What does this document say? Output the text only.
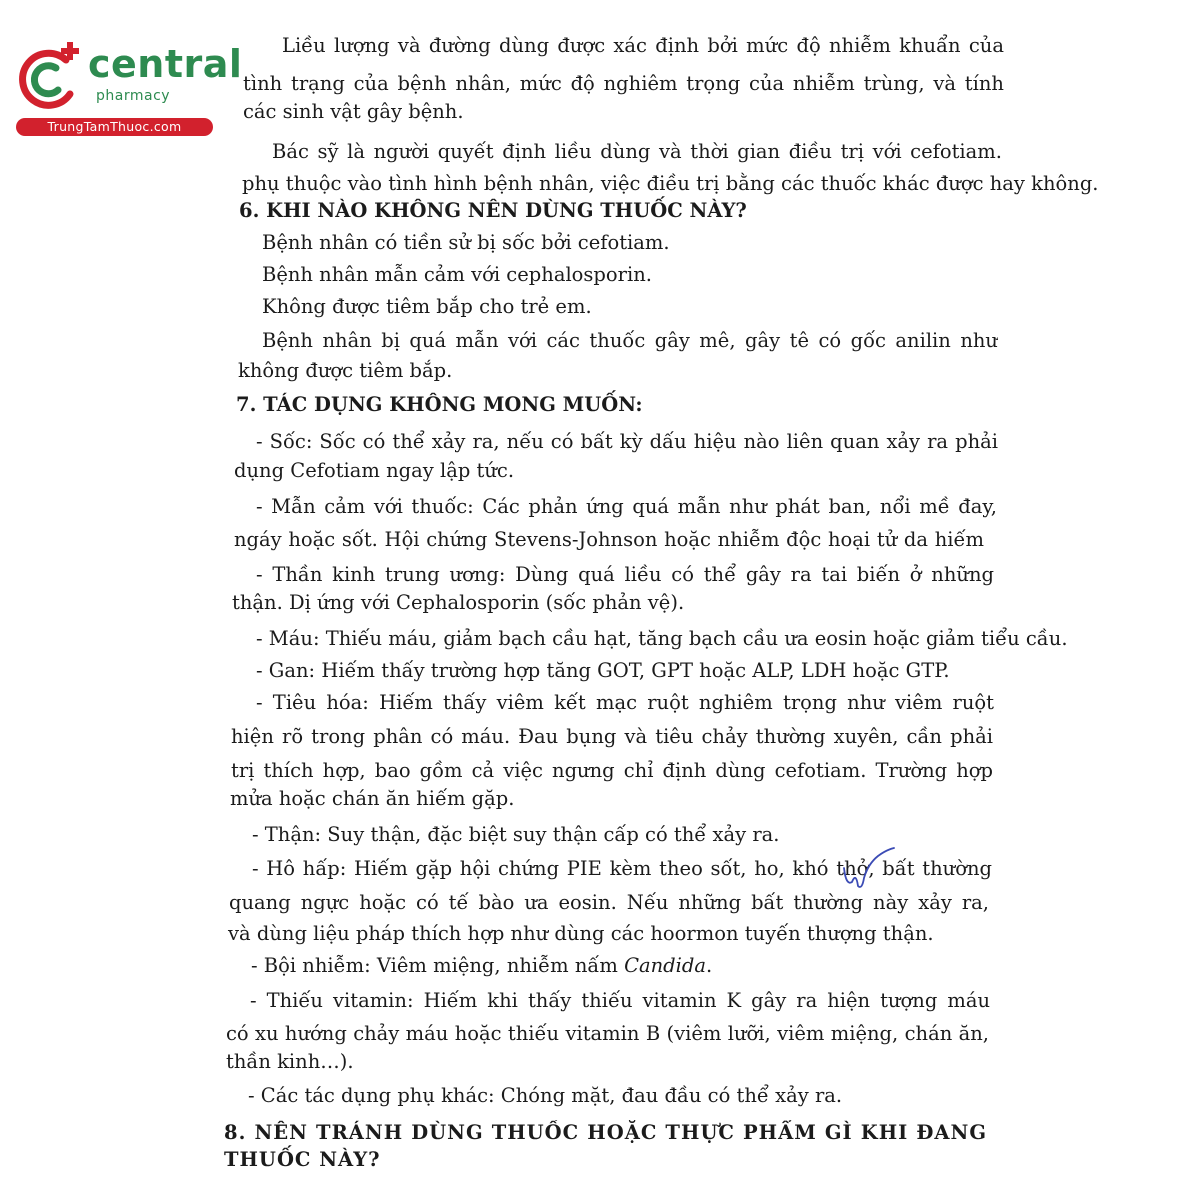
central
pharmacy
TrungTamThuoc.com
Liều lượng và đường dùng được xác định bởi mức độ nhiễm khuẩn của
tình trạng của bệnh nhân, mức độ nghiêm trọng của nhiễm trùng, và tính
các sinh vật gây bệnh.
Bác sỹ là người quyết định liều dùng và thời gian điều trị với cefotiam.
phụ thuộc vào tình hình bệnh nhân, việc điều trị bằng các thuốc khác được hay không.
6. KHI NÀO KHÔNG NÊN DÙNG THUỐC NÀY?
Bệnh nhân có tiền sử bị sốc bởi cefotiam.
Bệnh nhân mẫn cảm với cephalosporin.
Không được tiêm bắp cho trẻ em.
Bệnh nhân bị quá mẫn với các thuốc gây mê, gây tê có gốc anilin như
không được tiêm bắp.
7. TÁC DỤNG KHÔNG MONG MUỐN:
- Sốc: Sốc có thể xảy ra, nếu có bất kỳ dấu hiệu nào liên quan xảy ra phải
dụng Cefotiam ngay lập tức.
- Mẫn cảm với thuốc: Các phản ứng quá mẫn như phát ban, nổi mề đay,
ngáy hoặc sốt. Hội chứng Stevens-Johnson hoặc nhiễm độc hoại tử da hiếm
- Thần kinh trung ương: Dùng quá liều có thể gây ra tai biến ở những
thận. Dị ứng với Cephalosporin (sốc phản vệ).
- Máu: Thiếu máu, giảm bạch cầu hạt, tăng bạch cầu ưa eosin hoặc giảm tiểu cầu.
- Gan: Hiếm thấy trường hợp tăng GOT, GPT hoặc ALP, LDH hoặc GTP.
- Tiêu hóa: Hiếm thấy viêm kết mạc ruột nghiêm trọng như viêm ruột
hiện rõ trong phân có máu. Đau bụng và tiêu chảy thường xuyên, cần phải
trị thích hợp, bao gồm cả việc ngưng chỉ định dùng cefotiam. Trường hợp
mửa hoặc chán ăn hiếm gặp.
- Thận: Suy thận, đặc biệt suy thận cấp có thể xảy ra.
- Hô hấp: Hiếm gặp hội chứng PIE kèm theo sốt, ho, khó thở, bất thường
quang ngực hoặc có tế bào ưa eosin. Nếu những bất thường này xảy ra,
và dùng liệu pháp thích hợp như dùng các hoormon tuyến thượng thận.
- Bội nhiễm: Viêm miệng, nhiễm nấm Candida.
- Thiếu vitamin: Hiếm khi thấy thiếu vitamin K gây ra hiện tượng máu
có xu hướng chảy máu hoặc thiếu vitamin B (viêm lưỡi, viêm miệng, chán ăn,
thần kinh…).
- Các tác dụng phụ khác: Chóng mặt, đau đầu có thể xảy ra.
8. NÊN TRÁNH DÙNG THUỐC HOẶC THỰC PHẨM GÌ KHI ĐANG
THUỐC NÀY?
